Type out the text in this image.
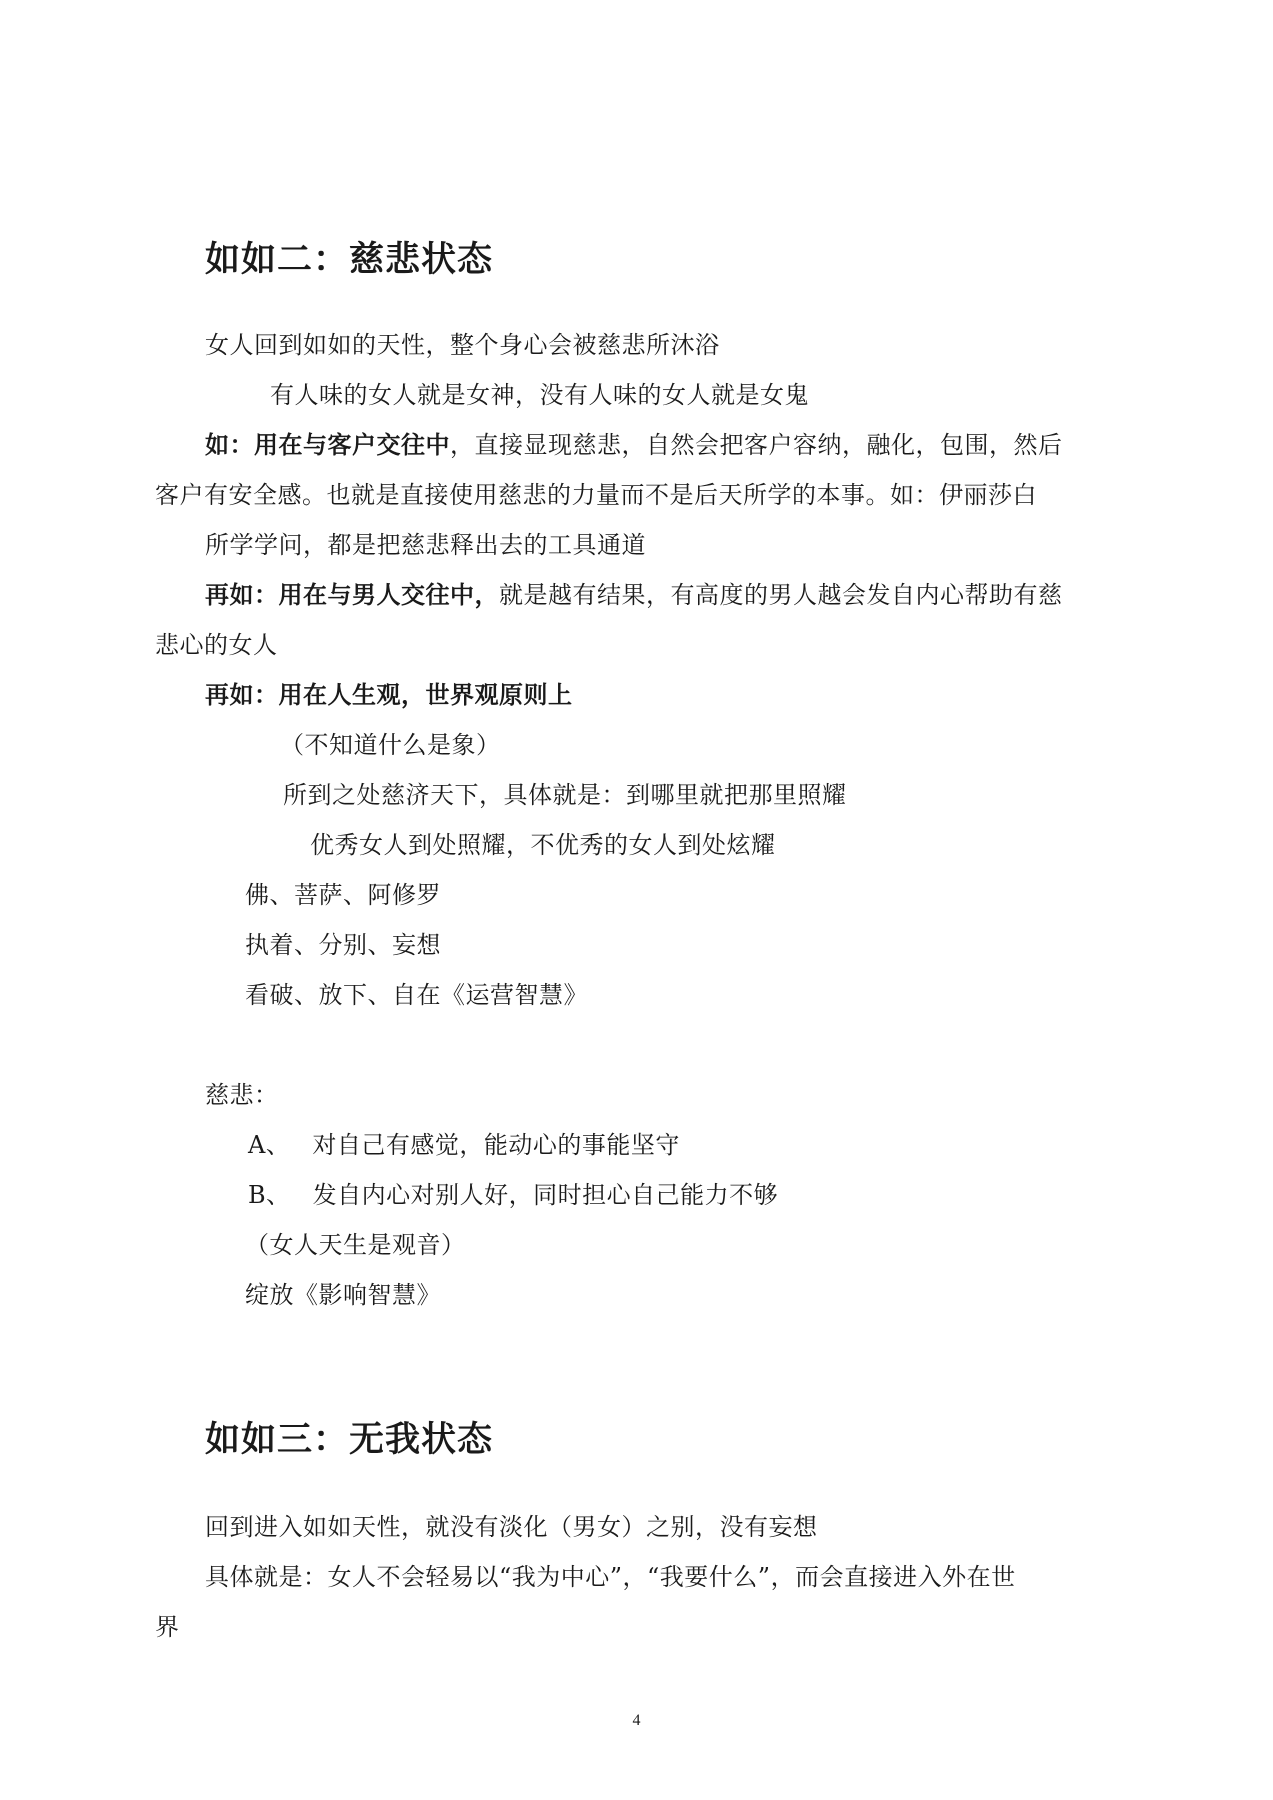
如如二：慈悲状态
女人回到如如的天性，整个身心会被慈悲所沐浴
有人味的女人就是女神，没有人味的女人就是女鬼
如：用在与客户交往中，直接显现慈悲，自然会把客户容纳，融化，包围，然后
客户有安全感。也就是直接使用慈悲的力量而不是后天所学的本事。如：伊丽莎白
所学学问，都是把慈悲释出去的工具通道
再如：用在与男人交往中，就是越有结果，有高度的男人越会发自内心帮助有慈
悲心的女人
再如：用在人生观，世界观原则上
（不知道什么是象）
所到之处慈济天下，具体就是：到哪里就把那里照耀
优秀女人到处照耀，不优秀的女人到处炫耀
佛、菩萨、阿修罗
执着、分别、妄想
看破、放下、自在《运营智慧》
慈悲：
A、 对自己有感觉，能动心的事能坚守
B、 发自内心对别人好，同时担心自己能力不够
（女人天生是观音）
绽放《影响智慧》
如如三：无我状态
回到进入如如天性，就没有淡化（男女）之别，没有妄想
具体就是：女人不会轻易以“我为中心”，“我要什么”，而会直接进入外在世
界
4
